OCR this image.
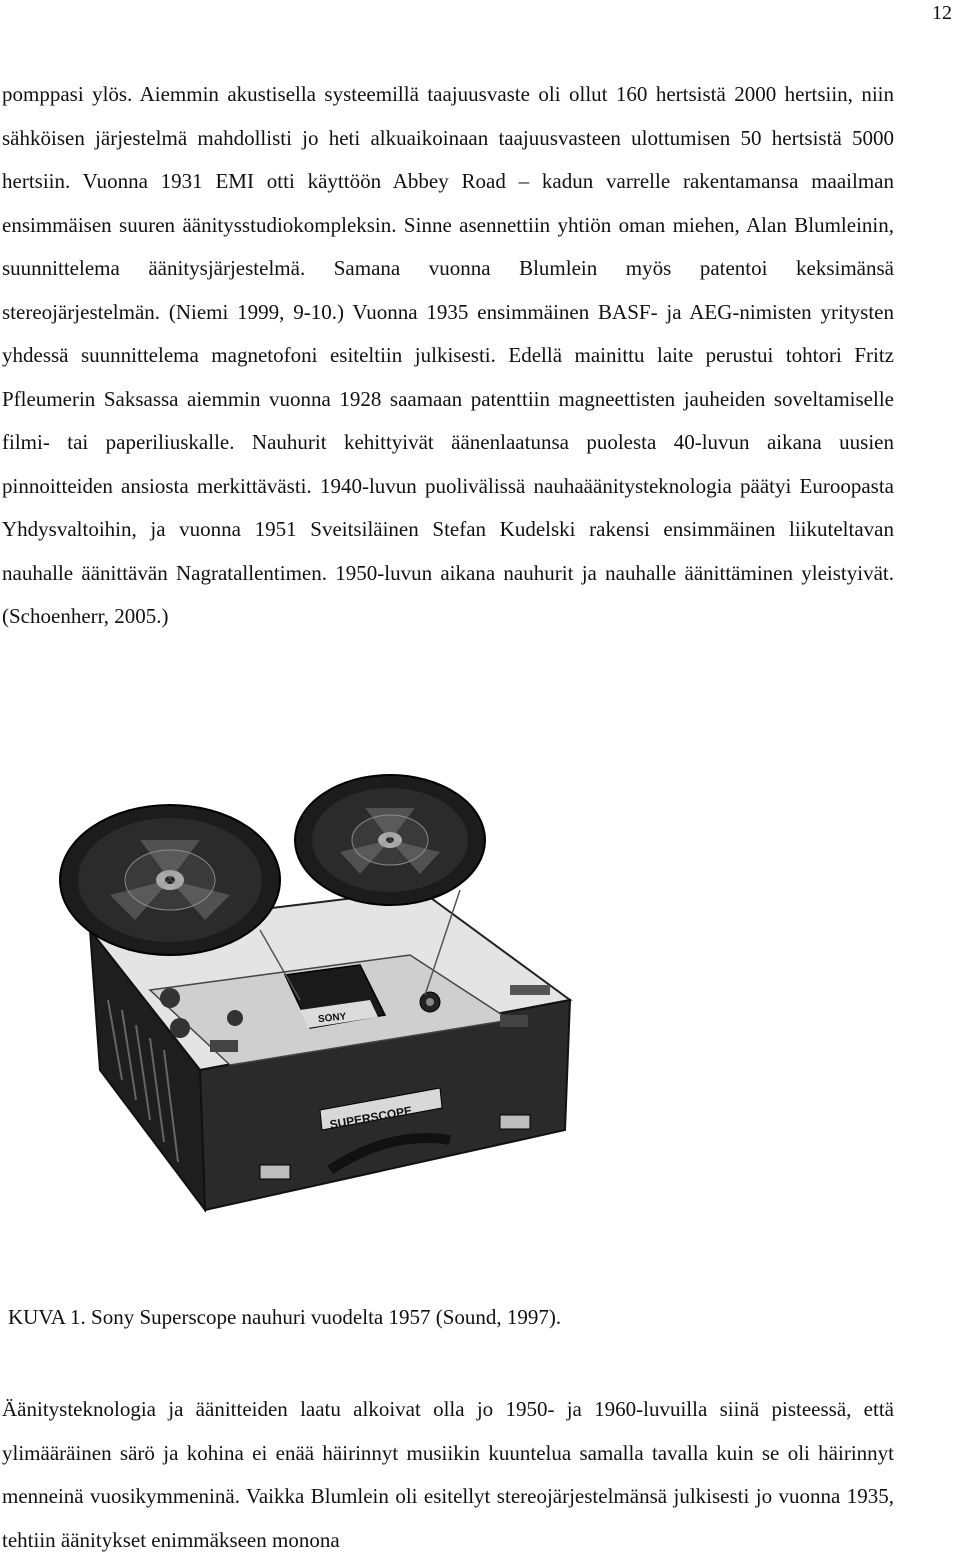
12

pomppasi ylös. Aiemmin akustisella systeemillä taajuusvaste oli ollut 160 hertsistä 2000 hertsiin, niin sähköisen järjestelmä mahdollisti jo heti alkuaikoinaan taajuusvasteen ulottumisen 50 hertsistä 5000 hertsiin. Vuonna 1931 EMI otti käyttöön Abbey Road – kadun varrelle rakentamansa maailman ensimmäisen suuren äänitysstudiokompleksin. Sinne asennettiin yhtiön oman miehen, Alan Blumleinin, suunnittelema äänitysjärjestelmä. Samana vuonna Blumlein myös patentoi keksimänsä stereojärjestelmän. (Niemi 1999, 9-10.) Vuonna 1935 ensimmäinen BASF- ja AEG-nimisten yritysten yhdessä suunnittelema magnetofoni esiteltiin julkisesti. Edellä mainittu laite perustui tohtori Fritz Pfleumerin Saksassa aiemmin vuonna 1928 saamaan patenttiin magneettisten jauheiden soveltamiselle filmi- tai paperiliuskalle. Nauhurit kehittyivät äänenlaatunsa puolesta 40-luvun aikana uusien pinnoitteiden ansiosta merkittävästi. 1940-luvun puolivälissä nauhaäänitysteknologia päätyi Euroopasta Yhdysvaltoihin, ja vuonna 1951 Sveitsiläinen Stefan Kudelski rakensi ensimmäinen liikuteltavan nauhalle äänittävän Nagratallentimen. 1950-luvun aikana nauhurit ja nauhalle äänittäminen yleistyivät. (Schoenherr, 2005.)

SONY
SUPERSCOPE

KUVA 1. Sony Superscope nauhuri vuodelta 1957 (Sound, 1997).

Äänitysteknologia ja äänitteiden laatu alkoivat olla jo 1950- ja 1960-luvuilla siinä pisteessä, että ylimääräinen särö ja kohina ei enää häirinnyt musiikin kuuntelua samalla tavalla kuin se oli häirinnyt menneinä vuosikymmeninä. Vaikka Blumlein oli esitellyt stereojärjestelmänsä julkisesti jo vuonna 1935, tehtiin äänitykset enimmäkseen monona
